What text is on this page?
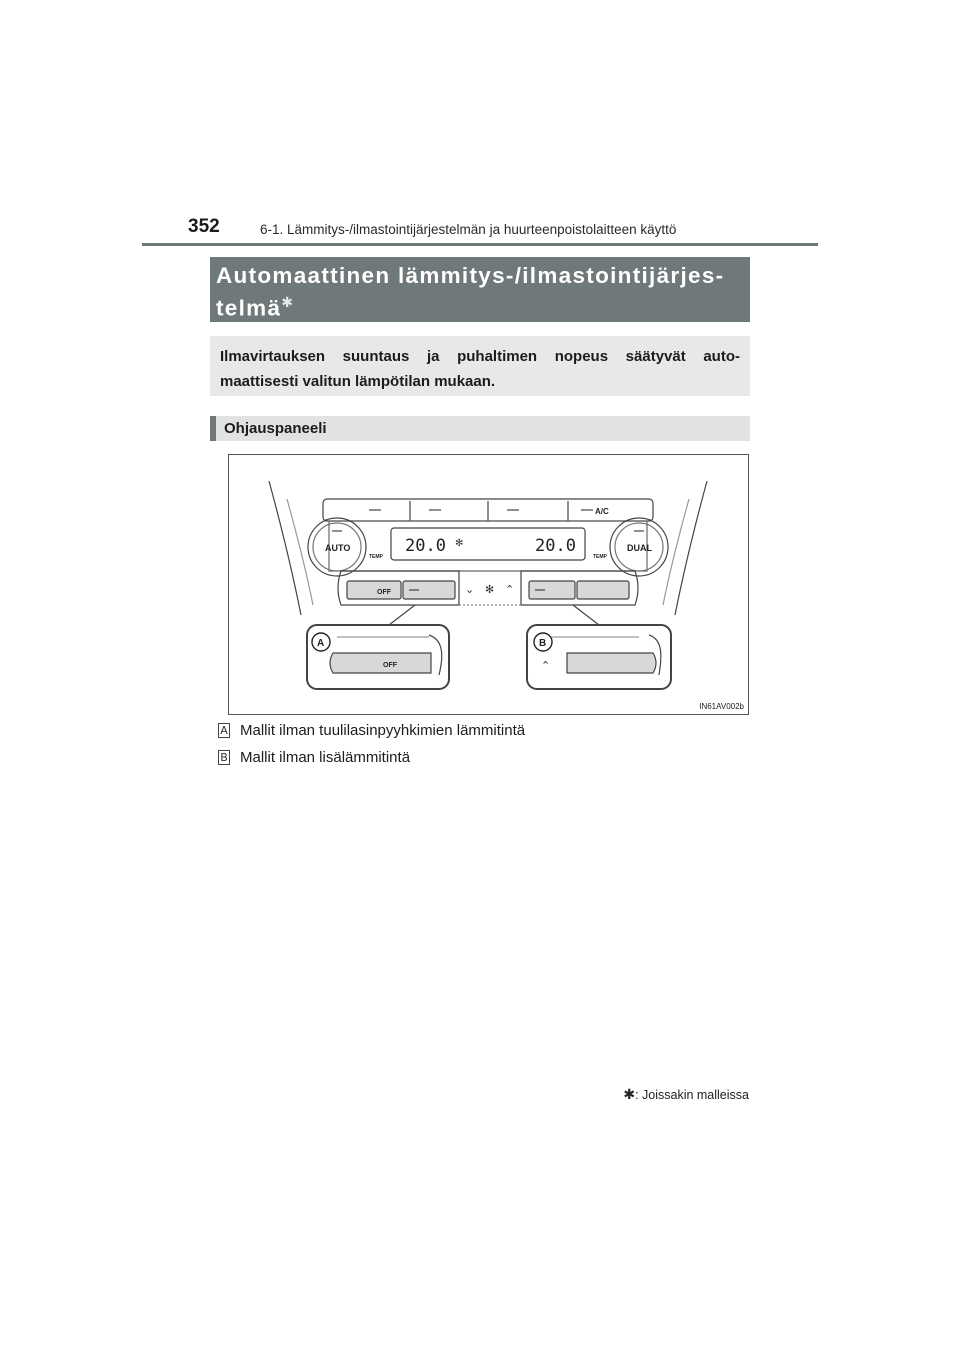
352	6-1. Lämmitys-/ilmastointijärjestelmän ja huurteenpoistolaitteen käyttö
Automaattinen lämmitys-/ilmastointijärjes- telmä✱
Ilmavirtauksen suuntaus ja puhaltimen nopeus säätyvät auto- maattisesti valitun lämpötilan mukaan.
Ohjauspaneeli
⌄ ✻ ⌃
⌃
✻
AUTO	DUAL
A/C
TEMP	TEMP
20.0	20.0
OFF
OFF
A	B
IN61AV002b
A Mallit ilman tuulilasinpyyhkimien lämmitintä
B Mallit ilman lisälämmitintä
✱: Joissakin malleissa
